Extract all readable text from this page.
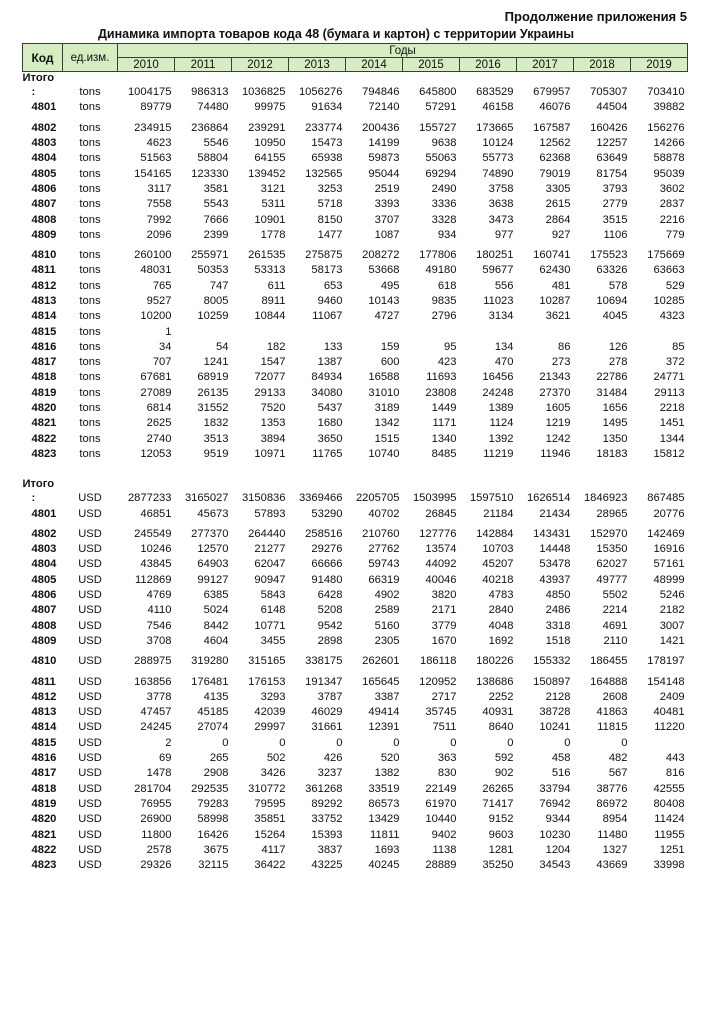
Продолжение приложения 5
Динамика импорта товаров кода 48 (бумага и картон) с территории Украины
Код	ед.изм.	Годы									
		2010	2011	2012	2013	2014	2015	2016	2017	2018	2019
Итого											
:	tons	1004175	986313	1036825	1056276	794846	645800	683529	679957	705307	703410
4801	tons	89779	74480	99975	91634	72140	57291	46158	46076	44504	39882

4802	tons	234915	236864	239291	233774	200436	155727	173665	167587	160426	156276
4803	tons	4623	5546	10950	15473	14199	9638	10124	12562	12257	14266
4804	tons	51563	58804	64155	65938	59873	55063	55773	62368	63649	58878
4805	tons	154165	123330	139452	132565	95044	69294	74890	79019	81754	95039
4806	tons	3117	3581	3121	3253	2519	2490	3758	3305	3793	3602
4807	tons	7558	5543	5311	5718	3393	3336	3638	2615	2779	2837
4808	tons	7992	7666	10901	8150	3707	3328	3473	2864	3515	2216
4809	tons	2096	2399	1778	1477	1087	934	977	927	1106	779

4810	tons	260100	255971	261535	275875	208272	177806	180251	160741	175523	175669
4811	tons	48031	50353	53313	58173	53668	49180	59677	62430	63326	63663
4812	tons	765	747	611	653	495	618	556	481	578	529
4813	tons	9527	8005	8911	9460	10143	9835	11023	10287	10694	10285
4814	tons	10200	10259	10844	11067	4727	2796	3134	3621	4045	4323
4815	tons	1									
4816	tons	34	54	182	133	159	95	134	86	126	85
4817	tons	707	1241	1547	1387	600	423	470	273	278	372
4818	tons	67681	68919	72077	84934	16588	11693	16456	21343	22786	24771
4819	tons	27089	26135	29133	34080	31010	23808	24248	27370	31484	29113
4820	tons	6814	31552	7520	5437	3189	1449	1389	1605	1656	2218
4821	tons	2625	1832	1353	1680	1342	1171	1124	1219	1495	1451
4822	tons	2740	3513	3894	3650	1515	1340	1392	1242	1350	1344
4823	tons	12053	9519	10971	11765	10740	8485	11219	11946	18183	15812

Итого											
:	USD	2877233	3165027	3150836	3369466	2205705	1503995	1597510	1626514	1846923	867485
4801	USD	46851	45673	57893	53290	40702	26845	21184	21434	28965	20776

4802	USD	245549	277370	264440	258516	210760	127776	142884	143431	152970	142469
4803	USD	10246	12570	21277	29276	27762	13574	10703	14448	15350	16916
4804	USD	43845	64903	62047	66666	59743	44092	45207	53478	62027	57161
4805	USD	112869	99127	90947	91480	66319	40046	40218	43937	49777	48999
4806	USD	4769	6385	5843	6428	4902	3820	4783	4850	5502	5246
4807	USD	4110	5024	6148	5208	2589	2171	2840	2486	2214	2182
4808	USD	7546	8442	10771	9542	5160	3779	4048	3318	4691	3007
4809	USD	3708	4604	3455	2898	2305	1670	1692	1518	2110	1421

4810	USD	288975	319280	315165	338175	262601	186118	180226	155332	186455	178197

4811	USD	163856	176481	176153	191347	165645	120952	138686	150897	164888	154148
4812	USD	3778	4135	3293	3787	3387	2717	2252	2128	2608	2409
4813	USD	47457	45185	42039	46029	49414	35745	40931	38728	41863	40481
4814	USD	24245	27074	29997	31661	12391	7511	8640	10241	11815	11220
4815	USD	2	0	0	0	0	0	0	0	0	
4816	USD	69	265	502	426	520	363	592	458	482	443
4817	USD	1478	2908	3426	3237	1382	830	902	516	567	816
4818	USD	281704	292535	310772	361268	33519	22149	26265	33794	38776	42555
4819	USD	76955	79283	79595	89292	86573	61970	71417	76942	86972	80408
4820	USD	26900	58998	35851	33752	13429	10440	9152	9344	8954	11424
4821	USD	11800	16426	15264	15393	11811	9402	9603	10230	11480	11955
4822	USD	2578	3675	4117	3837	1693	1138	1281	1204	1327	1251
4823	USD	29326	32115	36422	43225	40245	28889	35250	34543	43669	33998
